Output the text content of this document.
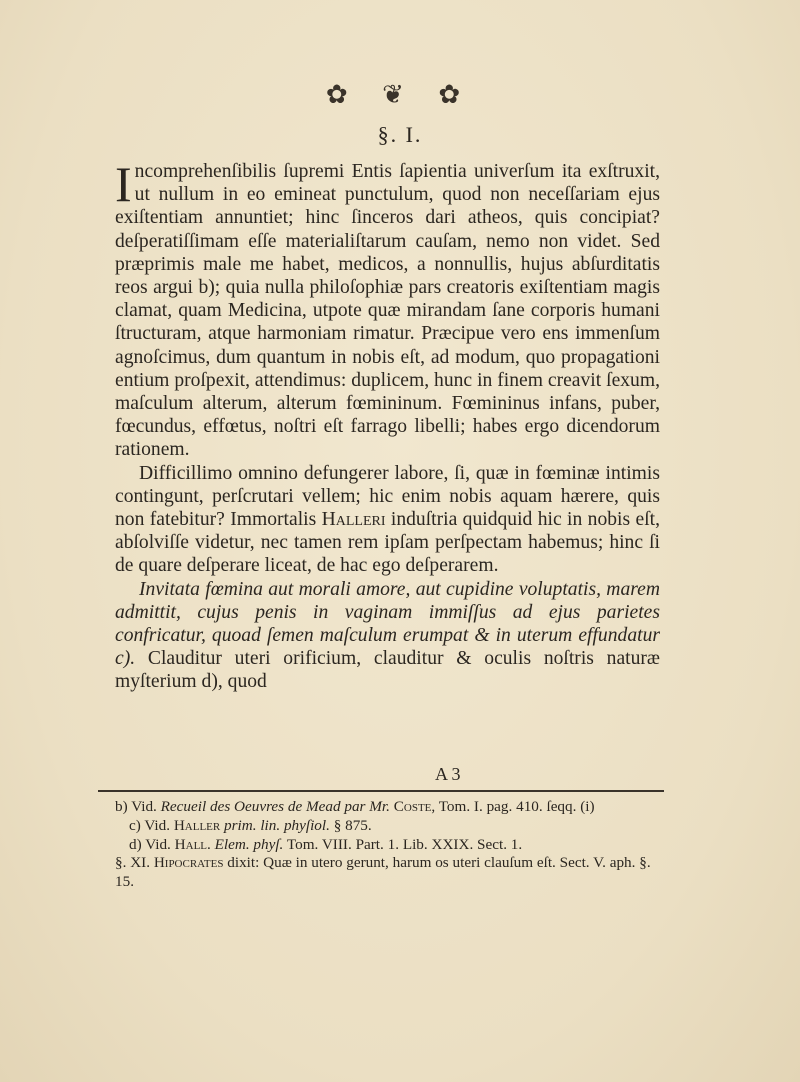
✿ ❦ ✿
§. I.

Incomprehenſibilis ſupremi Entis ſapientia univerſum ita exſtruxit, ut nullum in eo emineat punctulum, quod non neceſſariam ejus exiſtentiam annuntiet; hinc ſinceros dari atheos, quis concipiat? deſperatiſſimam eſſe materialiſtarum cauſam, nemo non videt. Sed præprimis male me habet, medicos, a nonnullis, hujus abſurditatis reos argui b); quia nulla philoſophiæ pars creatoris exiſtentiam magis clamat, quam Medicina, utpote quæ mirandam ſane corporis humani ſtructuram, atque harmoniam rimatur. Præcipue vero ens immenſum agnoſcimus, dum quantum in nobis eſt, ad modum, quo propagationi entium proſpexit, attendimus: duplicem, hunc in finem creavit ſexum, maſculum alterum, alterum fœmininum. Fœmininus infans, puber, fœcundus, effœtus, noſtri eſt farrago libelli; habes ergo dicendorum rationem.

Difficillimo omnino defungerer labore, ſi, quæ in fœminæ intimis contingunt, perſcrutari vellem; hic enim nobis aquam hærere, quis non fatebitur? Immortalis Halleri induſtria quidquid hic in nobis eſt, abſolviſſe videtur, nec tamen rem ipſam perſpectam habemus; hinc ſi de quare deſperare liceat, de hac ego deſperarem.

Invitata fœmina aut morali amore, aut cupidine voluptatis, marem admittit, cujus penis in vaginam immiſſus ad ejus parietes confricatur, quoad ſemen maſculum erumpat & in uterum effundatur c). Clauditur uteri orificium, clauditur & oculis noſtris naturæ myſterium d), quod

A 3

b) Vid. Recueil des Oeuvres de Mead par Mr. Coste, Tom. I. pag. 410. ſeqq. (i)

c) Vid. Haller prim. lin. phyſiol. § 875.

d) Vid. Hall. Elem. phyſ. Tom. VIII. Part. 1. Lib. XXIX. Sect. 1.

§. XI. Hipocrates dixit: Quæ in utero gerunt, harum os uteri clauſum eſt. Sect. V. aph. §. 15.
